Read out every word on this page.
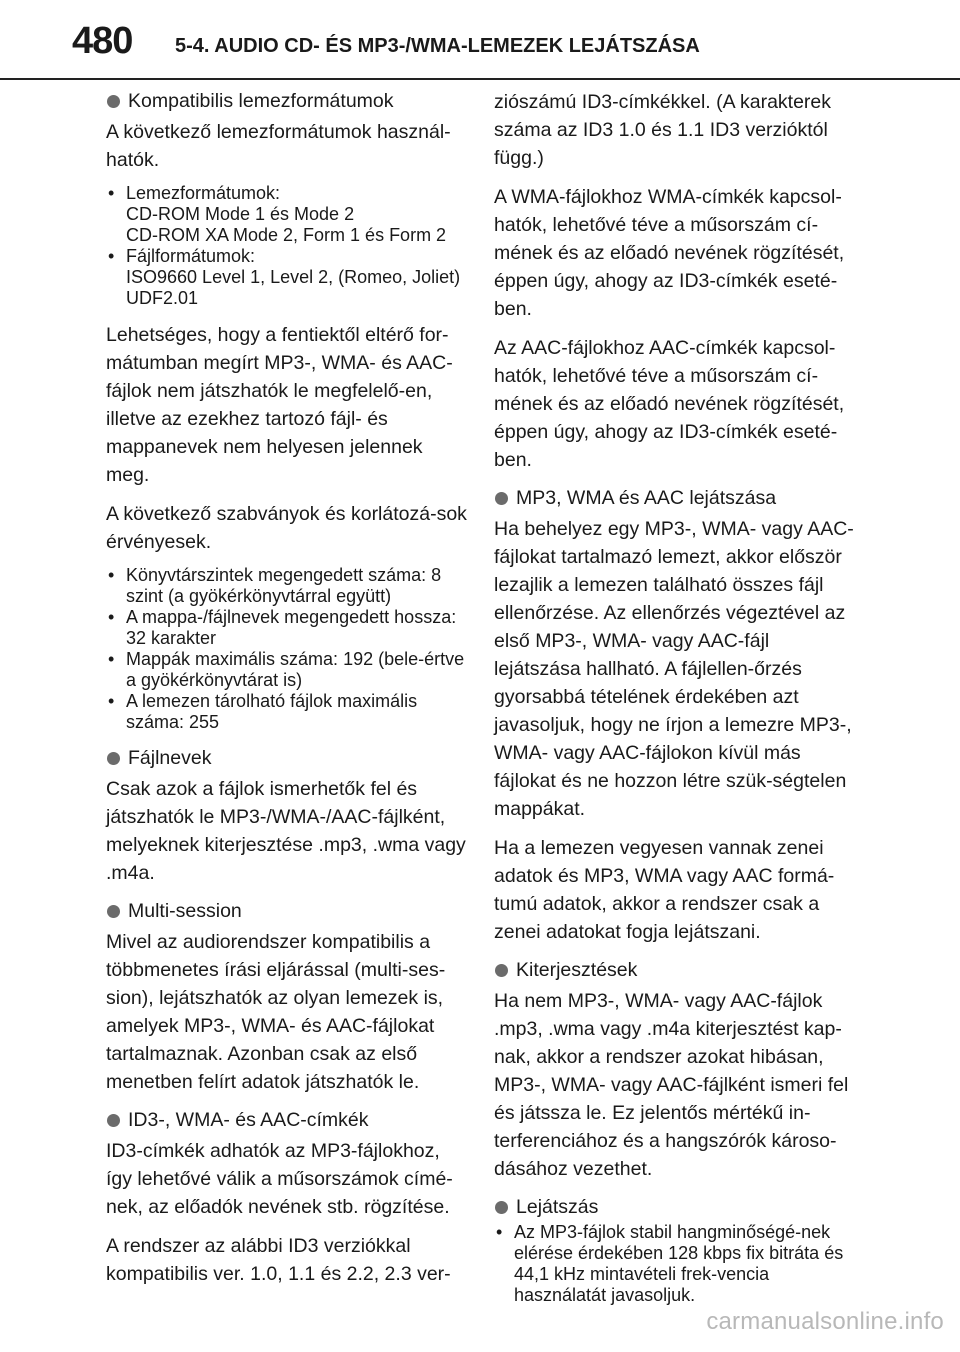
480 5-4. AUDIO CD- ÉS MP3-/WMA-LEMEZEK LEJÁTSZÁSA
Kompatibilis lemezformátumok

A következő lemezformátumok használ-hatók.

• Lemezformátumok:
CD-ROM Mode 1 és Mode 2
CD-ROM XA Mode 2, Form 1 és Form 2
• Fájlformátumok:
ISO9660 Level 1, Level 2, (Romeo, Joliet)
UDF2.01

Lehetséges, hogy a fentiektől eltérő for-mátumban megírt MP3-, WMA- és AAC-fájlok nem játszhatók le megfelelő-en, illetve az ezekhez tartozó fájl- és mappanevek nem helyesen jelennek meg.

A következő szabványok és korlátozá-sok érvényesek.

• Könyvtárszintek megengedett száma: 8 szint (a gyökérkönyvtárral együtt)
• A mappa-/fájlnevek megengedett hossza: 32 karakter
• Mappák maximális száma: 192 (bele-értve a gyökérkönyvtárat is)
• A lemezen tárolható fájlok maximális száma: 255
Fájlnevek

Csak azok a fájlok ismerhetők fel és játszhatók le MP3-/WMA-/AAC-fájlként, melyeknek kiterjesztése .mp3, .wma vagy .m4a.

Multi-session

Mivel az audiorendszer kompatibilis a többmenetes írási eljárással (multi-ses-sion), lejátszhatók az olyan lemezek is, amelyek MP3-, WMA- és AAC-fájlokat tartalmaznak. Azonban csak az első menetben felírt adatok játszhatók le.

ID3-, WMA- és AAC-címkék

ID3-címkék adhatók az MP3-fájlokhoz, így lehetővé válik a műsorszámok címé-nek, az előadók nevének stb. rögzítése.

A rendszer az alábbi ID3 verziókkal kompatibilis ver. 1.0, 1.1 és 2.2, 2.3 ver-

ziószámú ID3-címkékkel. (A karakterek száma az ID3 1.0 és 1.1 ID3 verzióktól függ.)

A WMA-fájlokhoz WMA-címkék kapcsol-hatók, lehetővé téve a műsorszám cí-mének és az előadó nevének rögzítését, éppen úgy, ahogy az ID3-címkék eseté-ben.

Az AAC-fájlokhoz AAC-címkék kapcsol-hatók, lehetővé téve a műsorszám cí-mének és az előadó nevének rögzítését, éppen úgy, ahogy az ID3-címkék eseté-ben.

MP3, WMA és AAC lejátszása

Ha behelyez egy MP3-, WMA- vagy AAC-fájlokat tartalmazó lemezt, akkor először lezajlik a lemezen található összes fájl ellenőrzése. Az ellenőrzés végeztével az első MP3-, WMA- vagy AAC-fájl lejátszása hallható. A fájlellen-őrzés gyorsabbá tételének érdekében azt javasoljuk, hogy ne írjon a lemezre MP3-, WMA- vagy AAC-fájlokon kívül más fájlokat és ne hozzon létre szük-ségtelen mappákat.

Ha a lemezen vegyesen vannak zenei adatok és MP3, WMA vagy AAC formá-tumú adatok, akkor a rendszer csak a zenei adatokat fogja lejátszani.

Kiterjesztések

Ha nem MP3-, WMA- vagy AAC-fájlok .mp3, .wma vagy .m4a kiterjesztést kap-nak, akkor a rendszer azokat hibásan, MP3-, WMA- vagy AAC-fájlként ismeri fel és játssza le. Ez jelentős mértékű in-terferenciához és a hangszórók károso-dásához vezethet.

Lejátszás
• Az MP3-fájlok stabil hangminőségé-nek elérése érdekében 128 kbps fix bitráta és 44,1 kHz mintavételi frek-vencia használatát javasoljuk.
carmanualsonline.info
